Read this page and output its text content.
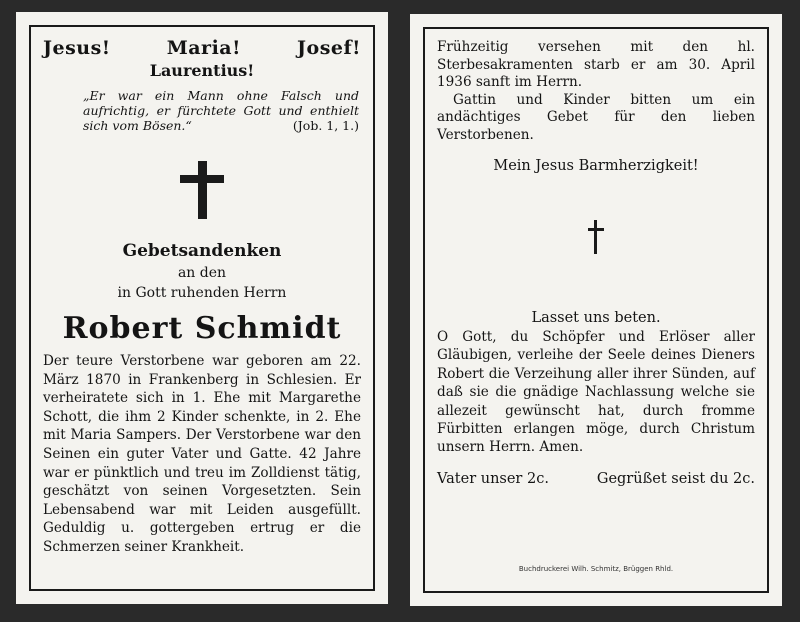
Jesus!	Maria!	Josef!
Laurentius!
„Er war ein Mann ohne Falsch und aufrichtig, er fürchtete Gott und enthielt sich vom Bösen.“	(Job. 1, 1.)
Gebetsandenken
an den
in Gott ruhenden Herrn
Robert Schmidt
Der teure Verstorbene war geboren am 22. März 1870 in Frankenberg in Schlesien. Er verheiratete sich in 1. Ehe mit Margarethe Schott, die ihm 2 Kinder schenkte, in 2. Ehe mit Maria Sampers. Der Verstorbene war den Seinen ein guter Vater und Gatte. 42 Jahre war er pünktlich und treu im Zolldienst tätig, geschätzt von seinen Vorgesetzten. Sein Lebensabend war mit Leiden ausgefüllt. Geduldig u. gottergeben ertrug er die Schmerzen seiner Krankheit.
Frühzeitig versehen mit den hl. Sterbesakramenten starb er am 30. April 1936 sanft im Herrn.
Gattin und Kinder bitten um ein andächtiges Gebet für den lieben Verstorbenen.
Mein Jesus Barmherzigkeit!
Lasset uns beten.
O Gott, du Schöpfer und Erlöser aller Gläubigen, verleihe der Seele deines Dieners Robert die Verzeihung aller ihrer Sünden, auf daß sie die gnädige Nachlassung welche sie allezeit gewünscht hat, durch fromme Fürbitten erlangen möge, durch Christum unsern Herrn. Amen.
Vater unser 2c.	Gegrüßet seist du 2c.
Buchdruckerei Wilh. Schmitz, Brüggen Rhld.
